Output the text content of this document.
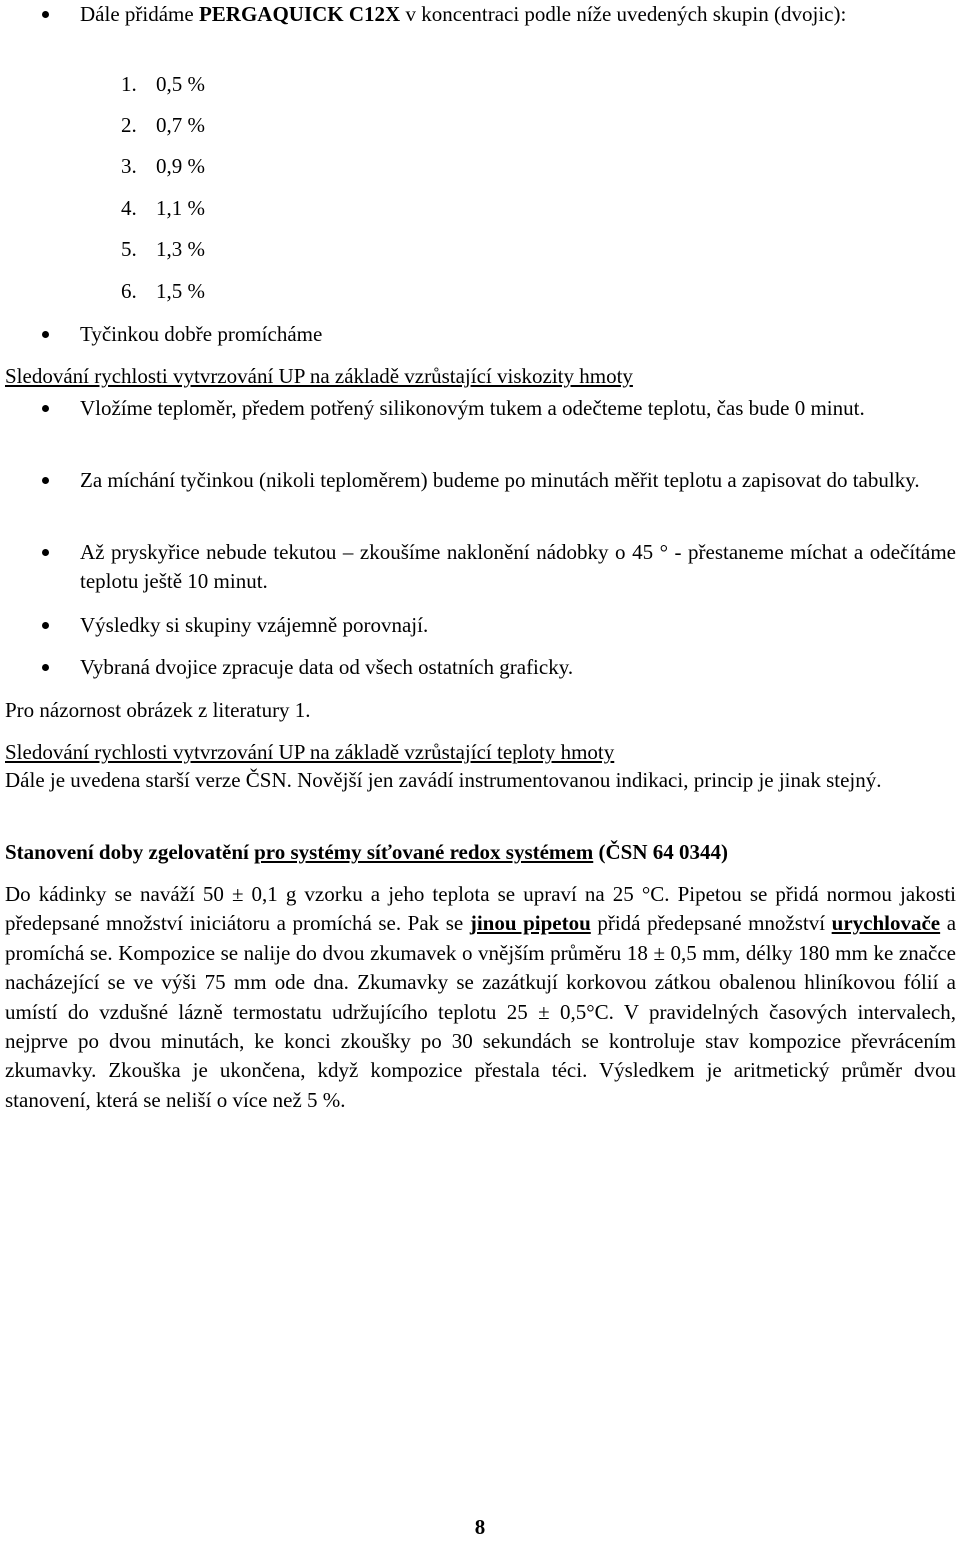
Dále přidáme PERGAQUICK C12X v koncentraci podle níže uvedených skupin (dvojic):
1. 0,5 %
2. 0,7 %
3. 0,9 %
4. 1,1 %
5. 1,3 %
6. 1,5 %
Tyčinkou dobře promícháme
Sledování rychlosti vytvrzování UP na základě vzrůstající viskozity hmoty
Vložíme teploměr, předem potřený silikonovým tukem a odečteme teplotu, čas bude 0 minut.
Za míchání tyčinkou (nikoli teploměrem) budeme po minutách měřit teplotu a zapisovat do tabulky.
Až pryskyřice nebude tekutou – zkoušíme naklonění nádobky o 45 ° - přestaneme míchat a odečítáme teplotu ještě 10 minut.
Výsledky si skupiny vzájemně porovnají.
Vybraná dvojice zpracuje data od všech ostatních graficky.
Pro názornost obrázek z literatury 1.
Sledování rychlosti vytvrzování UP na základě vzrůstající teploty hmoty
Dále je uvedena starší verze ČSN. Novější jen zavádí instrumentovanou indikaci, princip je jinak stejný.
Stanovení doby zgelovatění pro systémy síťované redox systémem (ČSN 64 0344)
Do kádinky se naváží 50 ± 0,1 g vzorku a jeho teplota se upraví na 25 °C. Pipetou se přidá normou jakosti předepsané množství iniciátoru a promíchá se. Pak se jinou pipetou přidá předepsané množství urychlovače a promíchá se. Kompozice se nalije do dvou zkumavek o vnějším průměru 18 ± 0,5 mm, délky 180 mm ke značce nacházející se ve výši 75 mm ode dna. Zkumavky se zazátkují korkovou zátkou obalenou hliníkovou fólií a umístí do vzdušné lázně termostatu udržujícího teplotu 25 ± 0,5°C. V pravidelných časových intervalech, nejprve po dvou minutách, ke konci zkoušky po 30 sekundách se kontroluje stav kompozice převrácením zkumavky. Zkouška je ukončena, když kompozice přestala téci. Výsledkem je aritmetický průměr dvou stanovení, která se neliší o více než 5 %.
8
